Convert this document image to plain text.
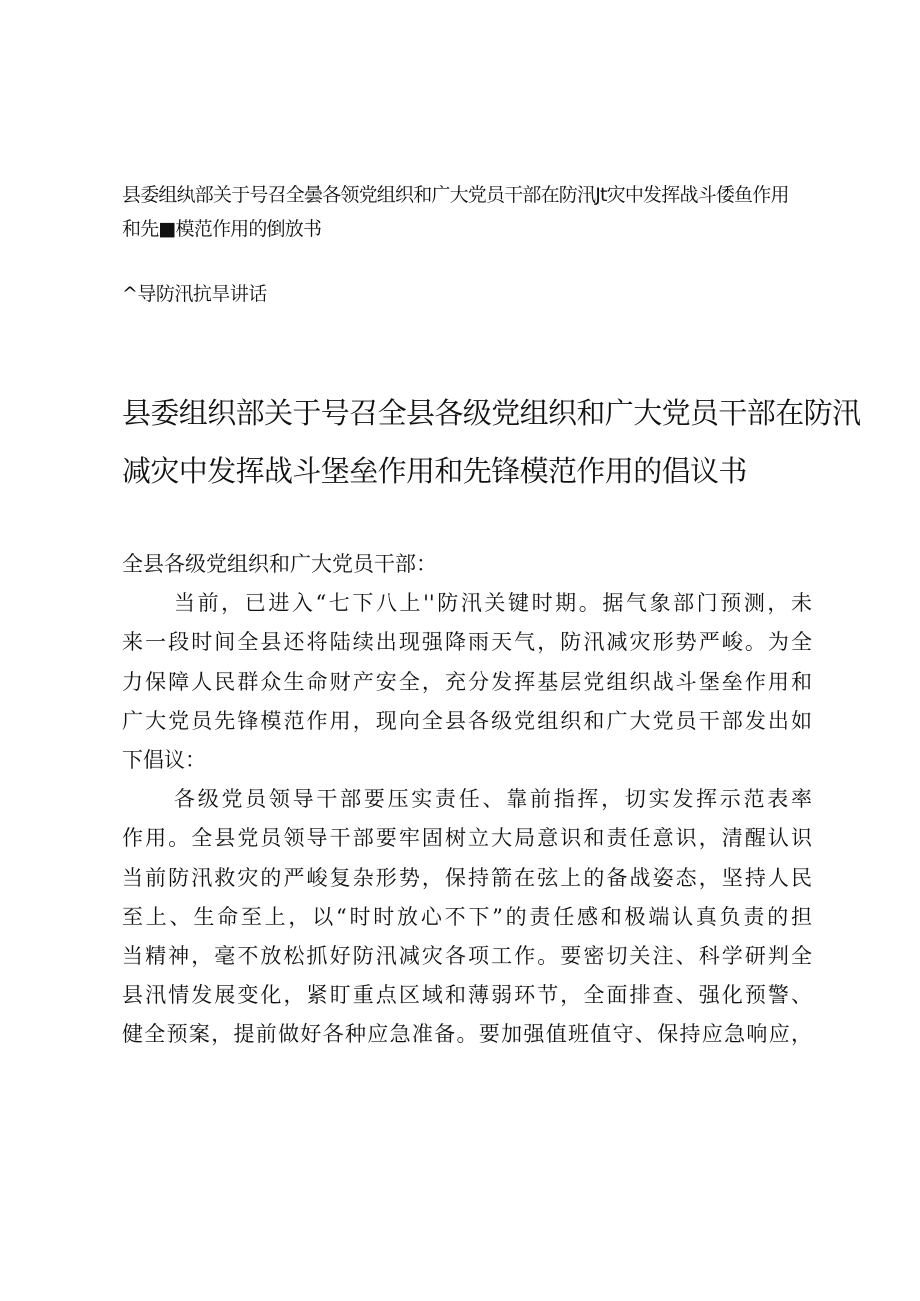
县委组纨部关于号召全曇各领党组织和广大党员干部在防汛Jt灾中发挥战斗倭鱼作用
和先■模范作用的倒放书
^导防汛抗旱讲话
县委组织部关于号召全县各级党组织和广大党员干部在防汛
减灾中发挥战斗堡垒作用和先锋模范作用的倡议书
全县各级党组织和广大党员干部：
当前，已进入“七下八上''防汛关键时期。据气象部门预测，未
来一段时间全县还将陆续出现强降雨天气，防汛减灾形势严峻。为全
力保障人民群众生命财产安全，充分发挥基层党组织战斗堡垒作用和
广大党员先锋模范作用，现向全县各级党组织和广大党员干部发出如
下倡议：
各级党员领导干部要压实责任、靠前指挥，切实发挥示范表率
作用。全县党员领导干部要牢固树立大局意识和责任意识，清醒认识
当前防汛救灾的严峻复杂形势，保持箭在弦上的备战姿态，坚持人民
至上、生命至上，以“时时放心不下”的责任感和极端认真负责的担
当精神，毫不放松抓好防汛减灾各项工作。要密切关注、科学研判全
县汛情发展变化，紧盯重点区域和薄弱环节，全面排查、强化预警、
健全预案，提前做好各种应急准备。要加强值班值守、保持应急响应，
